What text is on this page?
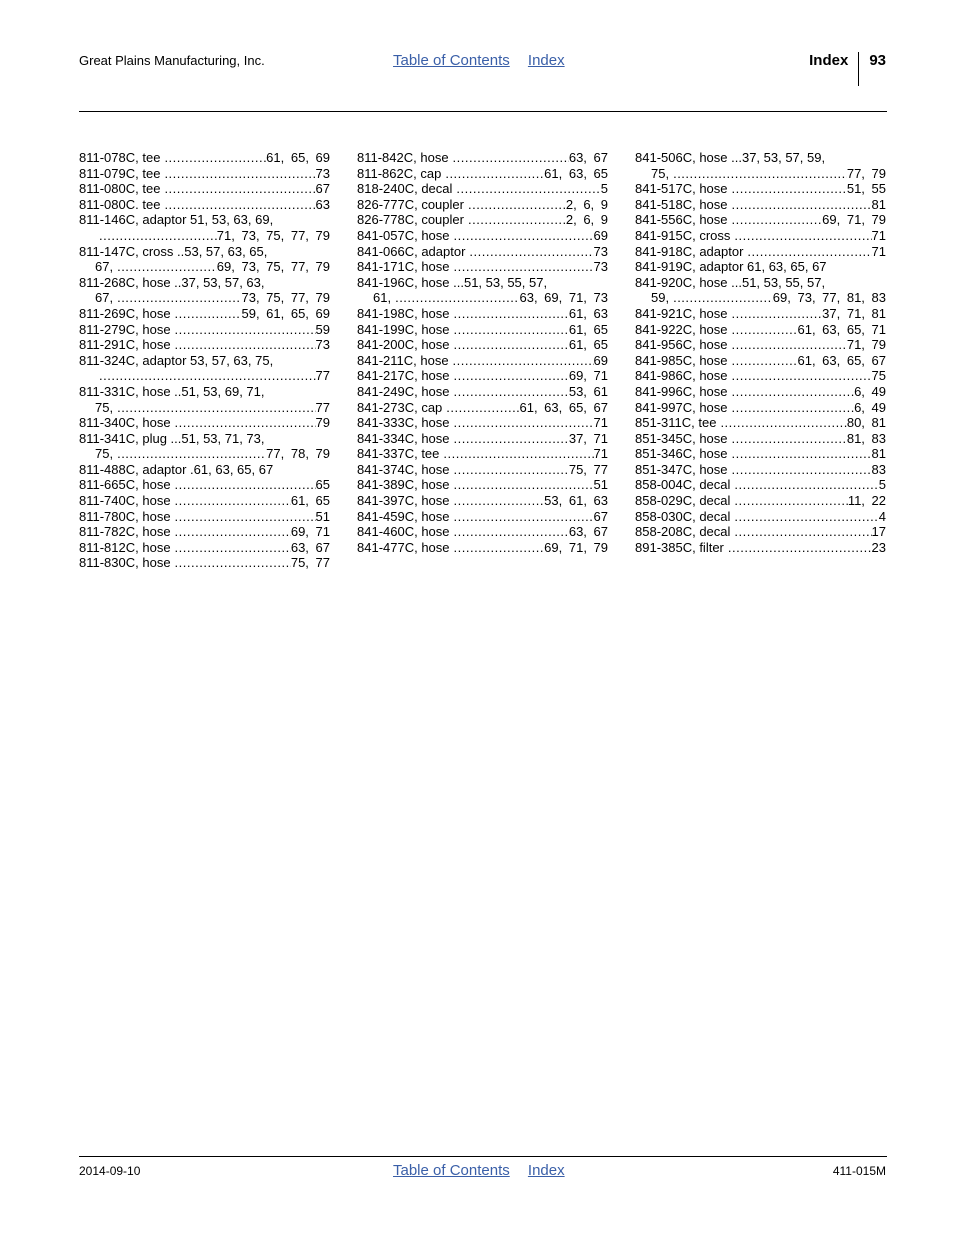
Great Plains Manufacturing, Inc.	Table of Contents Index	Index 93
811-078C, tee .....	61, 65, 69
811-079C, tee .....	73
811-080C, tee .....	67
811-080C. tee .....	63
811-146C, adaptor 51, 53, 63, 69,
.....
71, 73, 75, 77, 79
811-147C, cross ..53, 57, 63, 65,
67, .....	69, 73, 75, 77, 79
811-268C, hose ..37, 53, 57, 63,
67, .....	73, 75, 77, 79
811-269C, hose .....	59, 61, 65, 69
811-279C, hose .....	59
811-291C, hose .....	73
811-324C, adaptor 53, 57, 63, 75,
.....
77
811-331C, hose ..51, 53, 69, 71,
75, .....	77
811-340C, hose .....	79
811-341C, plug ...51, 53, 71, 73,
75, .....	77, 78, 79
811-488C, adaptor .61, 63, 65, 67
811-665C, hose .....	65
811-740C, hose .....	61, 65
811-780C, hose .....	51
811-782C, hose .....	69, 71
811-812C, hose .....	63, 67
811-830C, hose .....	75, 77
811-842C, hose .....	63, 67
811-862C, cap .....	61, 63, 65
818-240C, decal .....	5
826-777C, coupler .....	2, 6, 9
826-778C, coupler .....	2, 6, 9
841-057C, hose .....	69
841-066C, adaptor .....	73
841-171C, hose .....	73
841-196C, hose ...51, 53, 55, 57,
61, .....	63, 69, 71, 73
841-198C, hose .....	61, 63
841-199C, hose .....	61, 65
841-200C, hose .....	61, 65
841-211C, hose .....	69
841-217C, hose .....	69, 71
841-249C, hose .....	53, 61
841-273C, cap .....	61, 63, 65, 67
841-333C, hose .....	71
841-334C, hose .....	37, 71
841-337C, tee .....	71
841-374C, hose .....	75, 77
841-389C, hose .....	51
841-397C, hose .....	53, 61, 63
841-459C, hose .....	67
841-460C, hose .....	63, 67
841-477C, hose .....	69, 71, 79
841-506C, hose ...37, 53, 57, 59,
75, .....	77, 79
841-517C, hose .....	51, 55
841-518C, hose .....	81
841-556C, hose .....	69, 71, 79
841-915C, cross .....	71
841-918C, adaptor .....	71
841-919C, adaptor 61, 63, 65, 67
841-920C, hose ...51, 53, 55, 57,
59, .....	69, 73, 77, 81, 83
841-921C, hose .....	37, 71, 81
841-922C, hose .....	61, 63, 65, 71
841-956C, hose .....	71, 79
841-985C, hose .....	61, 63, 65, 67
841-986C, hose .....	75
841-996C, hose .....	6, 49
841-997C, hose .....	6, 49
851-311C, tee .....	80, 81
851-345C, hose .....	81, 83
851-346C, hose .....	81
851-347C, hose .....	83
858-004C, decal .....	5
858-029C, decal .....	11, 22
858-030C, decal .....	4
858-208C, decal .....	17
891-385C, filter .....	23
2014-09-10	Table of Contents Index	411-015M
